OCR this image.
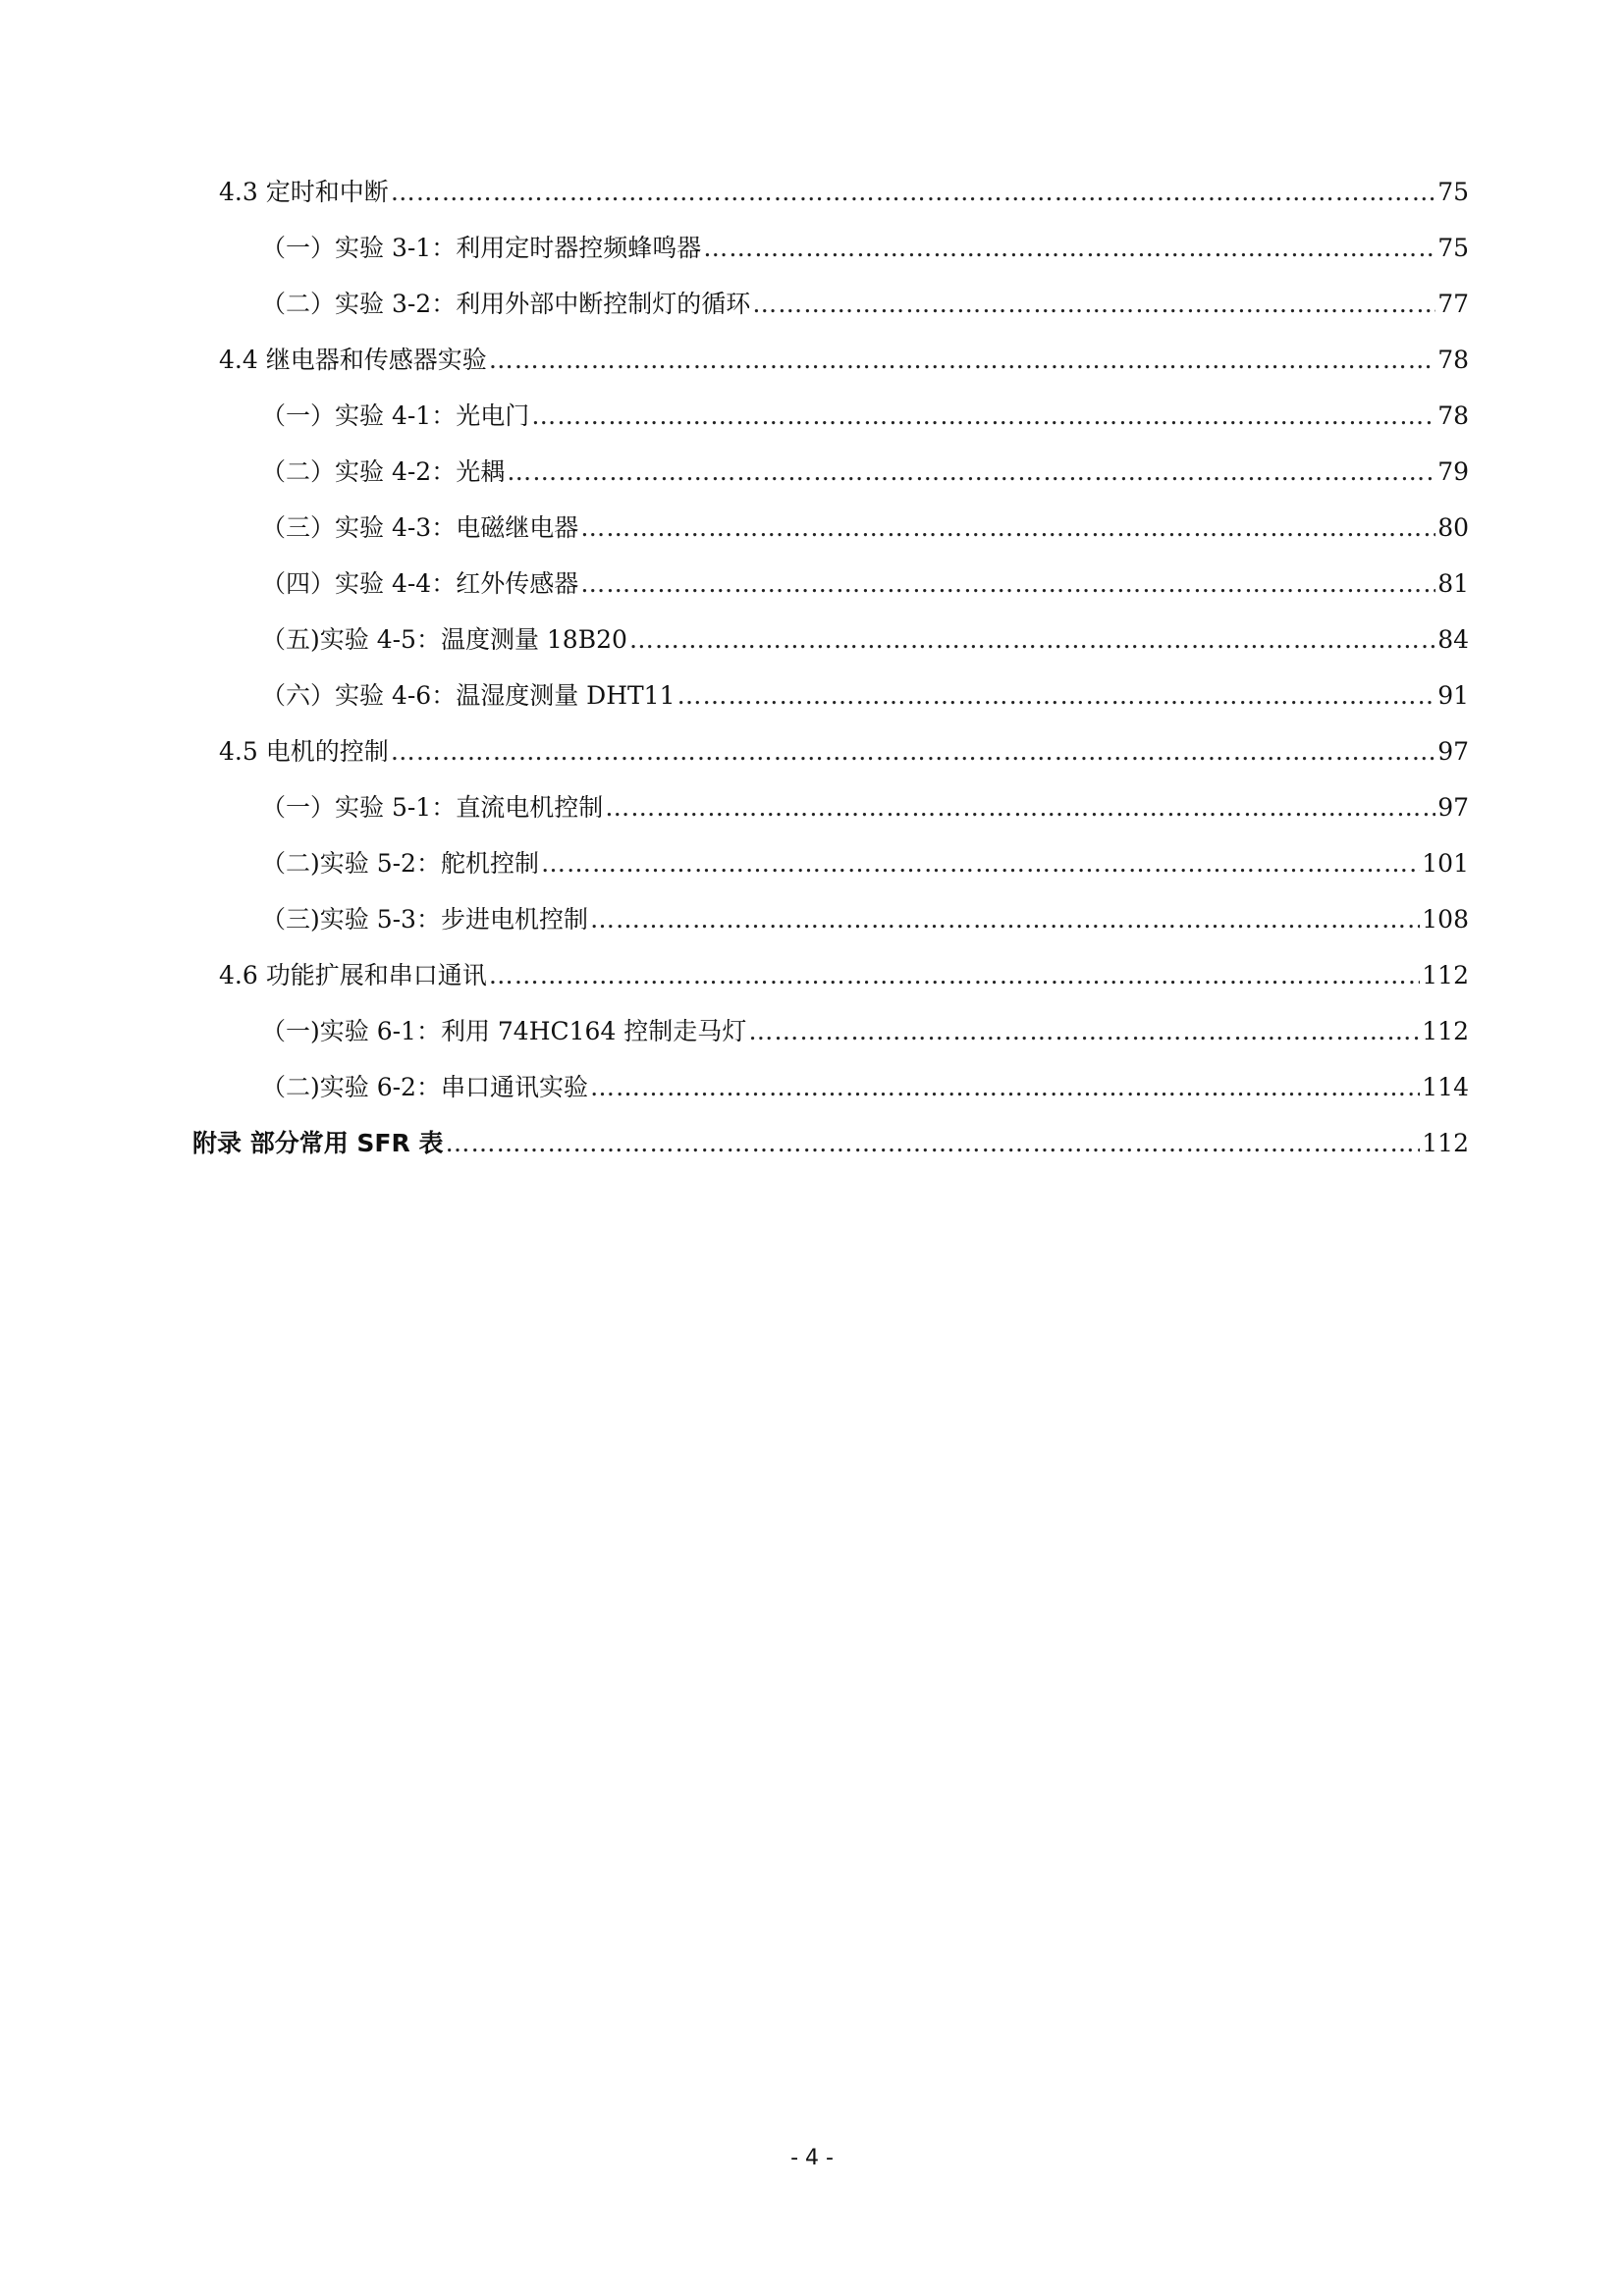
4.3 定时和中断 …………………………………………………………………………………………………………………………………………………………………………………………………………………………………………………………	75
（一）实验 3-1：利用定时器控频蜂鸣器 …………………………………………………………………………………………………………………………………………………………………………………………………………………………………………………………	75
（二）实验 3-2：利用外部中断控制灯的循环 …………………………………………………………………………………………………………………………………………………………………………………………………………………………………………………………	77
4.4 继电器和传感器实验 …………………………………………………………………………………………………………………………………………………………………………………………………………………………………………………………	78
（一）实验 4-1：光电门 …………………………………………………………………………………………………………………………………………………………………………………………………………………………………………………………	78
（二）实验 4-2：光耦 …………………………………………………………………………………………………………………………………………………………………………………………………………………………………………………………	79
（三）实验 4-3：电磁继电器 …………………………………………………………………………………………………………………………………………………………………………………………………………………………………………………………	80
（四）实验 4-4：红外传感器 …………………………………………………………………………………………………………………………………………………………………………………………………………………………………………………………	81
（五)实验 4-5：温度测量 18B20 …………………………………………………………………………………………………………………………………………………………………………………………………………………………………………………………	84
（六）实验 4-6：温湿度测量 DHT11 …………………………………………………………………………………………………………………………………………………………………………………………………………………………………………………………	91
4.5 电机的控制 …………………………………………………………………………………………………………………………………………………………………………………………………………………………………………………………	97
（一）实验 5-1：直流电机控制 …………………………………………………………………………………………………………………………………………………………………………………………………………………………………………………………	97
（二)实验 5-2：舵机控制 …………………………………………………………………………………………………………………………………………………………………………………………………………………………………………………………	101
（三)实验 5-3：步进电机控制 …………………………………………………………………………………………………………………………………………………………………………………………………………………………………………………………	108
4.6 功能扩展和串口通讯 …………………………………………………………………………………………………………………………………………………………………………………………………………………………………………………………	112
（一)实验 6-1：利用 74HC164 控制走马灯 …………………………………………………………………………………………………………………………………………………………………………………………………………………………………………………………	112
（二)实验 6-2：串口通讯实验 …………………………………………………………………………………………………………………………………………………………………………………………………………………………………………………………	114
附录 部分常用 SFR 表 …………………………………………………………………………………………………………………………………………………………………………………………………………………………………………………………	112
- 4 -
